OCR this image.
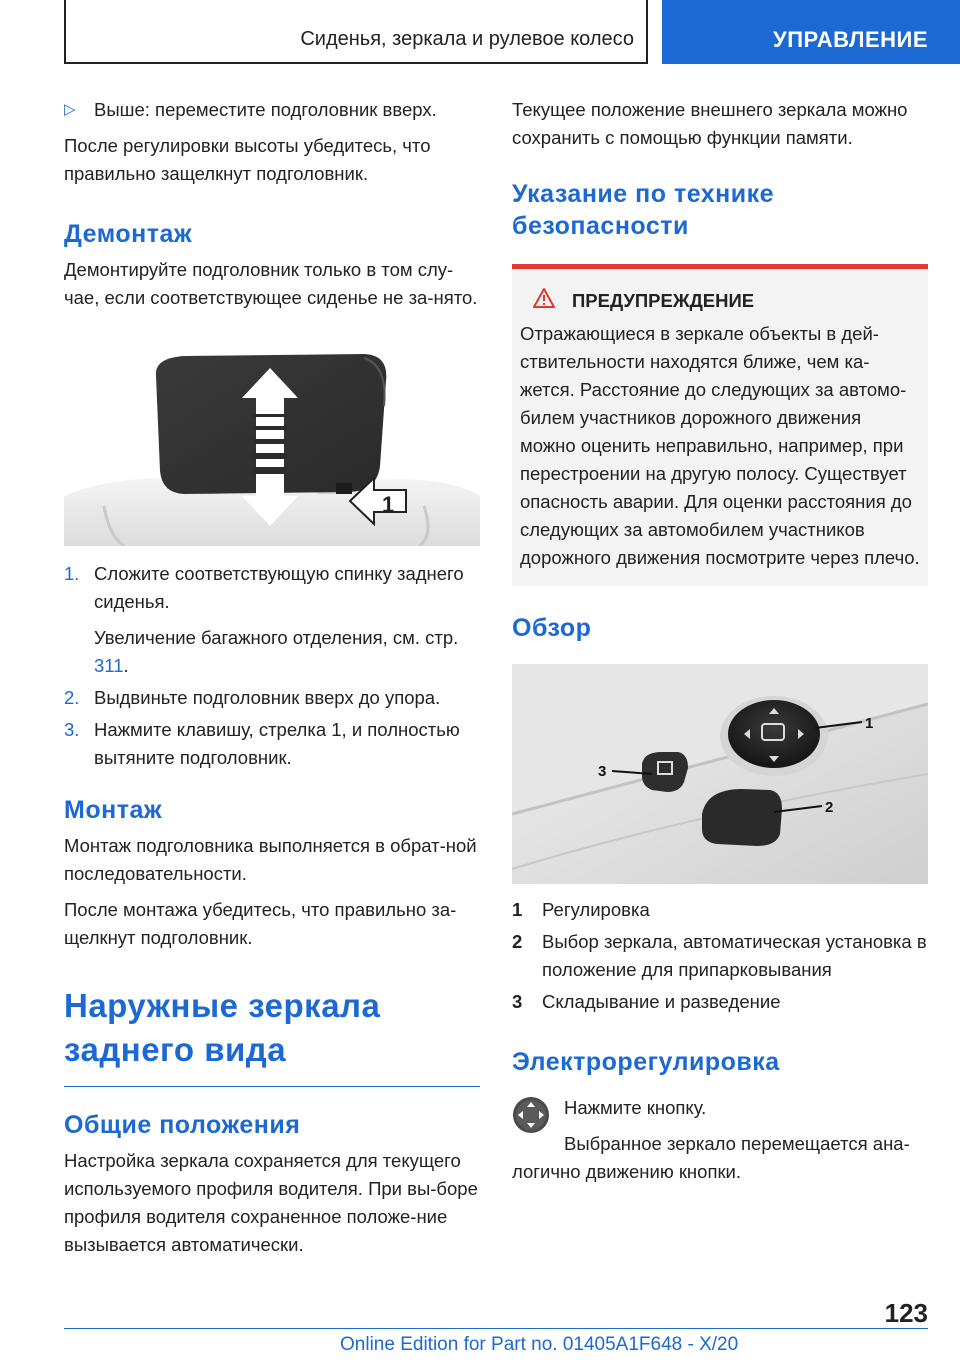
Сиденья, зеркала и рулевое колесо	УПРАВЛЕНИЕ
▷ Выше: переместите подголовник вверх.

После регулировки высоты убедитесь, что правильно защелкнут подголовник.

Демонтаж

Демонтируйте подголовник только в том слу-чае, если соответствующее сиденье не за-нято.

1
1. Сложите соответствующую спинку заднего сиденья.

Увеличение багажного отделения, см. стр. 311.

2. Выдвиньте подголовник вверх до упора.

3. Нажмите клавишу, стрелка 1, и полностью вытяните подголовник.

Монтаж

Монтаж подголовника выполняется в обрат-ной последовательности.

После монтажа убедитесь, что правильно за-щелкнут подголовник.

Наружные зеркала заднего вида
Общие положения

Настройка зеркала сохраняется для текущего используемого профиля водителя. При вы-боре профиля водителя сохраненное положе-ние вызывается автоматически.

Текущее положение внешнего зеркала можно сохранить с помощью функции памяти.

Указание по технике безопасности
ПРЕДУПРЕЖДЕНИЕ

Отражающиеся в зеркале объекты в дей-ствительности находятся ближе, чем ка-жется. Расстояние до следующих за автомо-билем участников дорожного движения можно оценить неправильно, например, при перестроении на другую полосу. Существует опасность аварии. Для оценки расстояния до следующих за автомобилем участников дорожного движения посмотрите через плечо.

Обзор
1
2
3
1	Регулировка

2	Выбор зеркала, автоматическая установка в положение для припарковывания

3	Складывание и разведение

Электрорегулировка

Нажмите кнопку.

Выбранное зеркало перемещается ана-логично движению кнопки.

123
Online Edition for Part no. 01405A1F648 - X/20
